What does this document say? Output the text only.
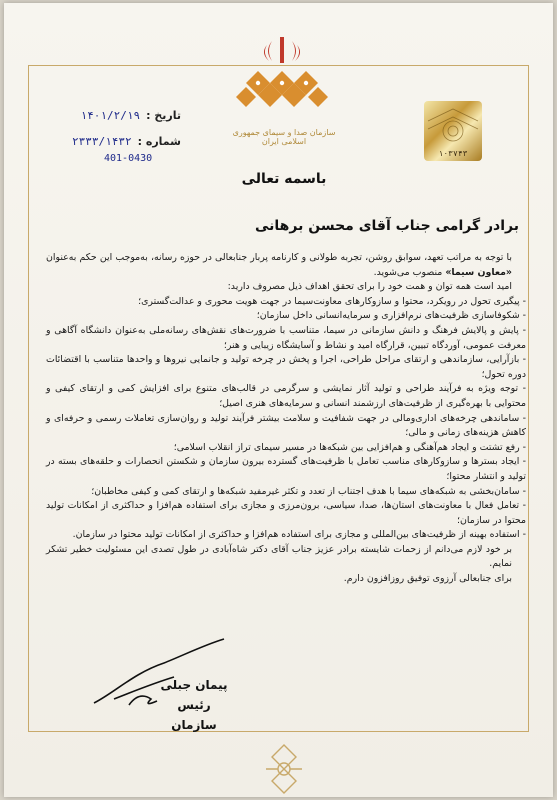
سازمان صدا و سیمای جمهوری اسلامی ایران
تاریخ :
۱۴۰۱/۲/۱۹
شماره :
۲۳۳۳/۱۴۳۲
401-0430	۱۰۳۷۴۳
باسمه تعالی
برادر گرامی جناب آقای محسن برهانی

با توجه به مراتب تعهد، سوابق روشن، تجربه طولانی و کارنامه پربار جنابعالی در حوزه رسانه، به‌موجب این حکم به‌عنوان «معاون سیما» منصوب می‌شوید.

امید است همه توان و همت خود را برای تحقق اهداف ذیل مصروف دارید:

- پیگیری تحول در رویکرد، محتوا و سازوکارهای معاونت‌سیما در جهت هویت محوری و عدالت‌گستری؛

- شکوفاسازی ظرفیت‌های نرم‌افزاری و سرمایه‌انسانی داخل سازمان؛

- پایش و پالایش فرهنگ و دانش سازمانی در سیما، متناسب با ضرورت‌های نقش‌های رسانه‌ملی به‌عنوان دانشگاه آگاهی و معرفت عمومی، آوردگاه تبیین، قرارگاه امید و نشاط و آسایشگاه زیبایی و هنر؛

- بازآرایی، سازماندهی و ارتقای مراحل طراحی، اجرا و پخش در چرخه تولید و جانمایی نیروها و واحدها متناسب با اقتضائات دوره تحول؛

- توجه ویژه به فرآیند طراحی و تولید آثار نمایشی و سرگرمی در قالب‌های متنوع برای افزایش کمی و ارتقای کیفی و محتوایی با بهره‌گیری از ظرفیت‌های ارزشمند انسانی و سرمایه‌های هنری اصیل؛

- ساماندهی چرخه‌های اداری‌ومالی در جهت شفافیت و سلامت بیشتر فرآیند تولید و روان‌سازی تعاملات رسمی و حرفه‌ای و کاهش هزینه‌های زمانی و مالی؛

- رفع تشتت و ایجاد هم‌آهنگی و هم‌افزایی بین شبکه‌ها در مسیر سیمای تراز انقلاب اسلامی؛

- ایجاد بسترها و سازوکارهای مناسب تعامل با ظرفیت‌های گسترده بیرون سازمان و شکستن انحصارات و حلقه‌های بسته در تولید و انتشار محتوا؛

- سامان‌بخشی به شبکه‌های سیما با هدف اجتناب از تعدد و تکثر غیرمفید شبکه‌ها و ارتقای کمی و کیفی مخاطبان؛

- تعامل فعال با معاونت‌های استان‌ها، صدا، سیاسی، برون‌مرزی و مجازی برای استفاده هم‌افزا و حداکثری از امکانات تولید محتوا در سازمان؛

- استفاده بهینه از ظرفیت‌های بین‌المللی و مجازی برای استفاده هم‌افزا و حداکثری از امکانات تولید محتوا در سازمان.

بر خود لازم می‌دانم از زحمات شایسته برادر عزیز جناب آقای دکتر شاه‌آبادی در طول تصدی این مسئولیت خطیر تشکر نمایم.

برای جنابعالی آرزوی توفیق روزافزون دارم.

پیمان جبلی
رئیس سازمان
